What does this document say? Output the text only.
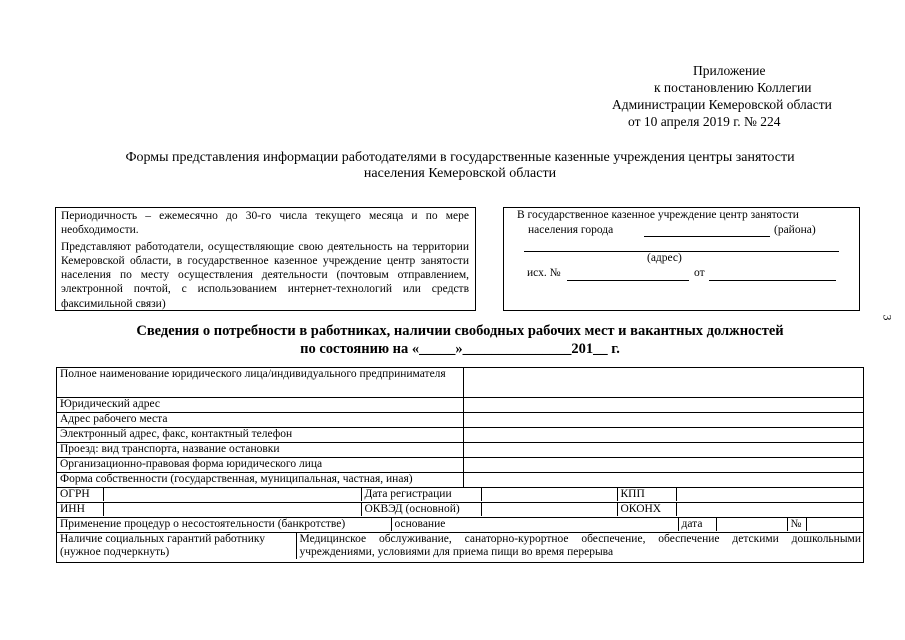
Приложение
к постановлению Коллегии
Администрации Кемеровской области
от 10 апреля 2019 г. № 224
Формы представления информации работодателями в государственные казенные учреждения центры занятости
населения Кемеровской области
Периодичность – ежемесячно до 30-го числа текущего месяца и по мере необходимости.
Представляют работодатели, осуществляющие свою деятельность на территории Кемеровской области, в государственное казенное учреждение центр занятости населения по месту осуществления деятельности (почтовым отправлением, электронной почтой, с использованием интернет-технологий или средств факсимильной связи)
В государственное казенное учреждение центр занятости
населения города	(района)
(адрес)
исх. №	от
3
Сведения о потребности в работниках, наличии свободных рабочих мест и вакантных должностей
по состоянию на «_____»_______________201__ г.
Полное наименование юридического лица/индивидуального предпринимателя	
Юридический адрес	
Адрес рабочего места	
Электронный адрес, факс, контактный телефон	
Проезд: вид транспорта, название остановки	
Организационно-правовая форма юридического лица	
Форма собственности (государственная, муниципальная, частная, иная)	

ОГРН		Дата регистрации		КПП	

ИНН		ОКВЭД (основной)		ОКОНХ	

Применение процедур о несостоятельности (банкротстве)	основание	дата		№	

Наличие социальных гарантий работнику (нужное подчеркнуть)	Медицинское обслуживание, санаторно-курортное обеспечение, обеспечение детскими дошкольными учреждениями, условиями для приема пищи во время перерыва
